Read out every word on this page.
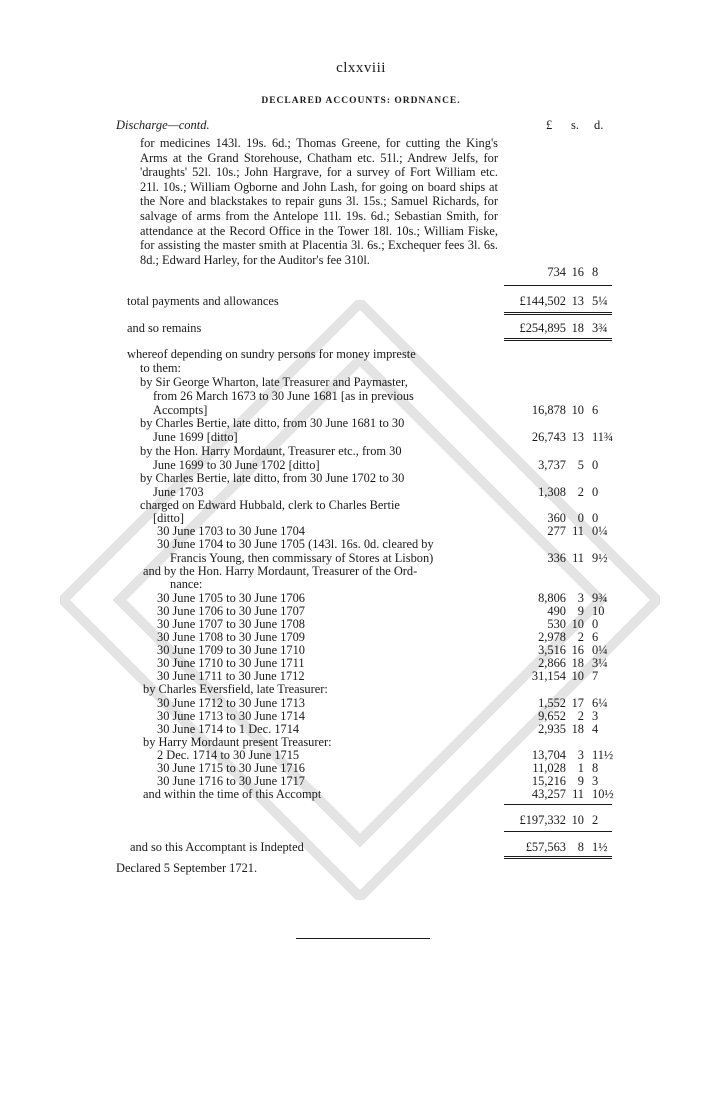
clxxviii
DECLARED ACCOUNTS: ORDNANCE.
Discharge—contd.	£ s. d.
for medicines 143l. 19s. 6d.; Thomas Greene, for cutting the King's Arms at the Grand Storehouse, Chatham etc. 51l.; Andrew Jelfs, for 'draughts' 52l. 10s.; John Hargrave, for a survey of Fort William etc. 21l. 10s.; William Ogborne and John Lash, for going on board ships at the Nore and blackstakes to repair guns 3l. 15s.; Samuel Richards, for salvage of arms from the Antelope 11l. 19s. 6d.; Sebastian Smith, for attendance at the Record Office in the Tower 18l. 10s.; William Fiske, for assisting the master smith at Placentia 3l. 6s.; Exchequer fees 3l. 6s. 8d.; Edward Harley, for the Auditor's fee 310l.
734 16 8
total payments and allowances	£144,502 13 5¼
and so remains	£254,895 18 3¾
whereof depending on sundry persons for money impreste
to them:
by Sir George Wharton, late Treasurer and Paymaster,
from 26 March 1673 to 30 June 1681 [as in previous
Accompts]	16,878 10 6
by Charles Bertie, late ditto, from 30 June 1681 to 30
June 1699 [ditto]	26,743 13 11¾
by the Hon. Harry Mordaunt, Treasurer etc., from 30
June 1699 to 30 June 1702 [ditto]	3,737 5 0
by Charles Bertie, late ditto, from 30 June 1702 to 30
June 1703	1,308 2 0
charged on Edward Hubbald, clerk to Charles Bertie
[ditto]	360 0 0
30 June 1703 to 30 June 1704	277 11 0¼
30 June 1704 to 30 June 1705 (143l. 16s. 0d. cleared by
Francis Young, then commissary of Stores at Lisbon)	336 11 9½
and by the Hon. Harry Mordaunt, Treasurer of the Ord-
nance:
30 June 1705 to 30 June 1706	8,806 3 9¾
30 June 1706 to 30 June 1707	490 9 10
30 June 1707 to 30 June 1708	530 10 0
30 June 1708 to 30 June 1709	2,978 2 6
30 June 1709 to 30 June 1710	3,516 16 0¼
30 June 1710 to 30 June 1711	2,866 18 3¼
30 June 1711 to 30 June 1712	31,154 10 7
by Charles Eversfield, late Treasurer:
30 June 1712 to 30 June 1713	1,552 17 6¼
30 June 1713 to 30 June 1714	9,652 2 3
30 June 1714 to 1 Dec. 1714	2,935 18 4
by Harry Mordaunt present Treasurer:
2 Dec. 1714 to 30 June 1715	13,704 3 11½
30 June 1715 to 30 June 1716	11,028 1 8
30 June 1716 to 30 June 1717	15,216 9 3
and within the time of this Accompt	43,257 11 10½
£197,332 10 2
and so this Accomptant is Indepted	£57,563 8 1½
Declared 5 September 1721.
